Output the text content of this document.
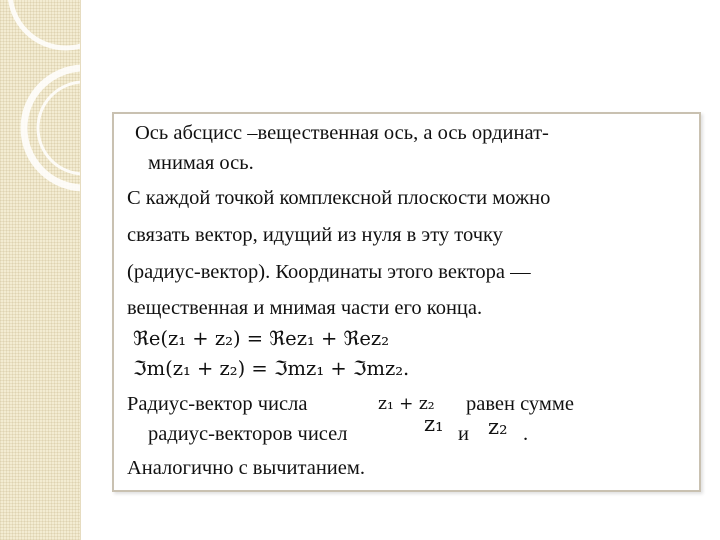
Ось абсцисс –вещественная ось, а ось ординат-
мнимая ось.
С каждой точкой комплексной плоскости можно
связать вектор, идущий из нуля в эту точку
(радиус-вектор). Координаты этого вектора —
вещественная и мнимая части его конца.
ℜe(z₁ + z₂) = ℜez₁ + ℜez₂
ℑm(z₁ + z₂) = ℑmz₁ + ℑmz₂.
Радиус-вектор числа	z₁ + z₂ равен сумме
радиус-векторов чисел	z₁ и z₂ .
Аналогично с вычитанием.
